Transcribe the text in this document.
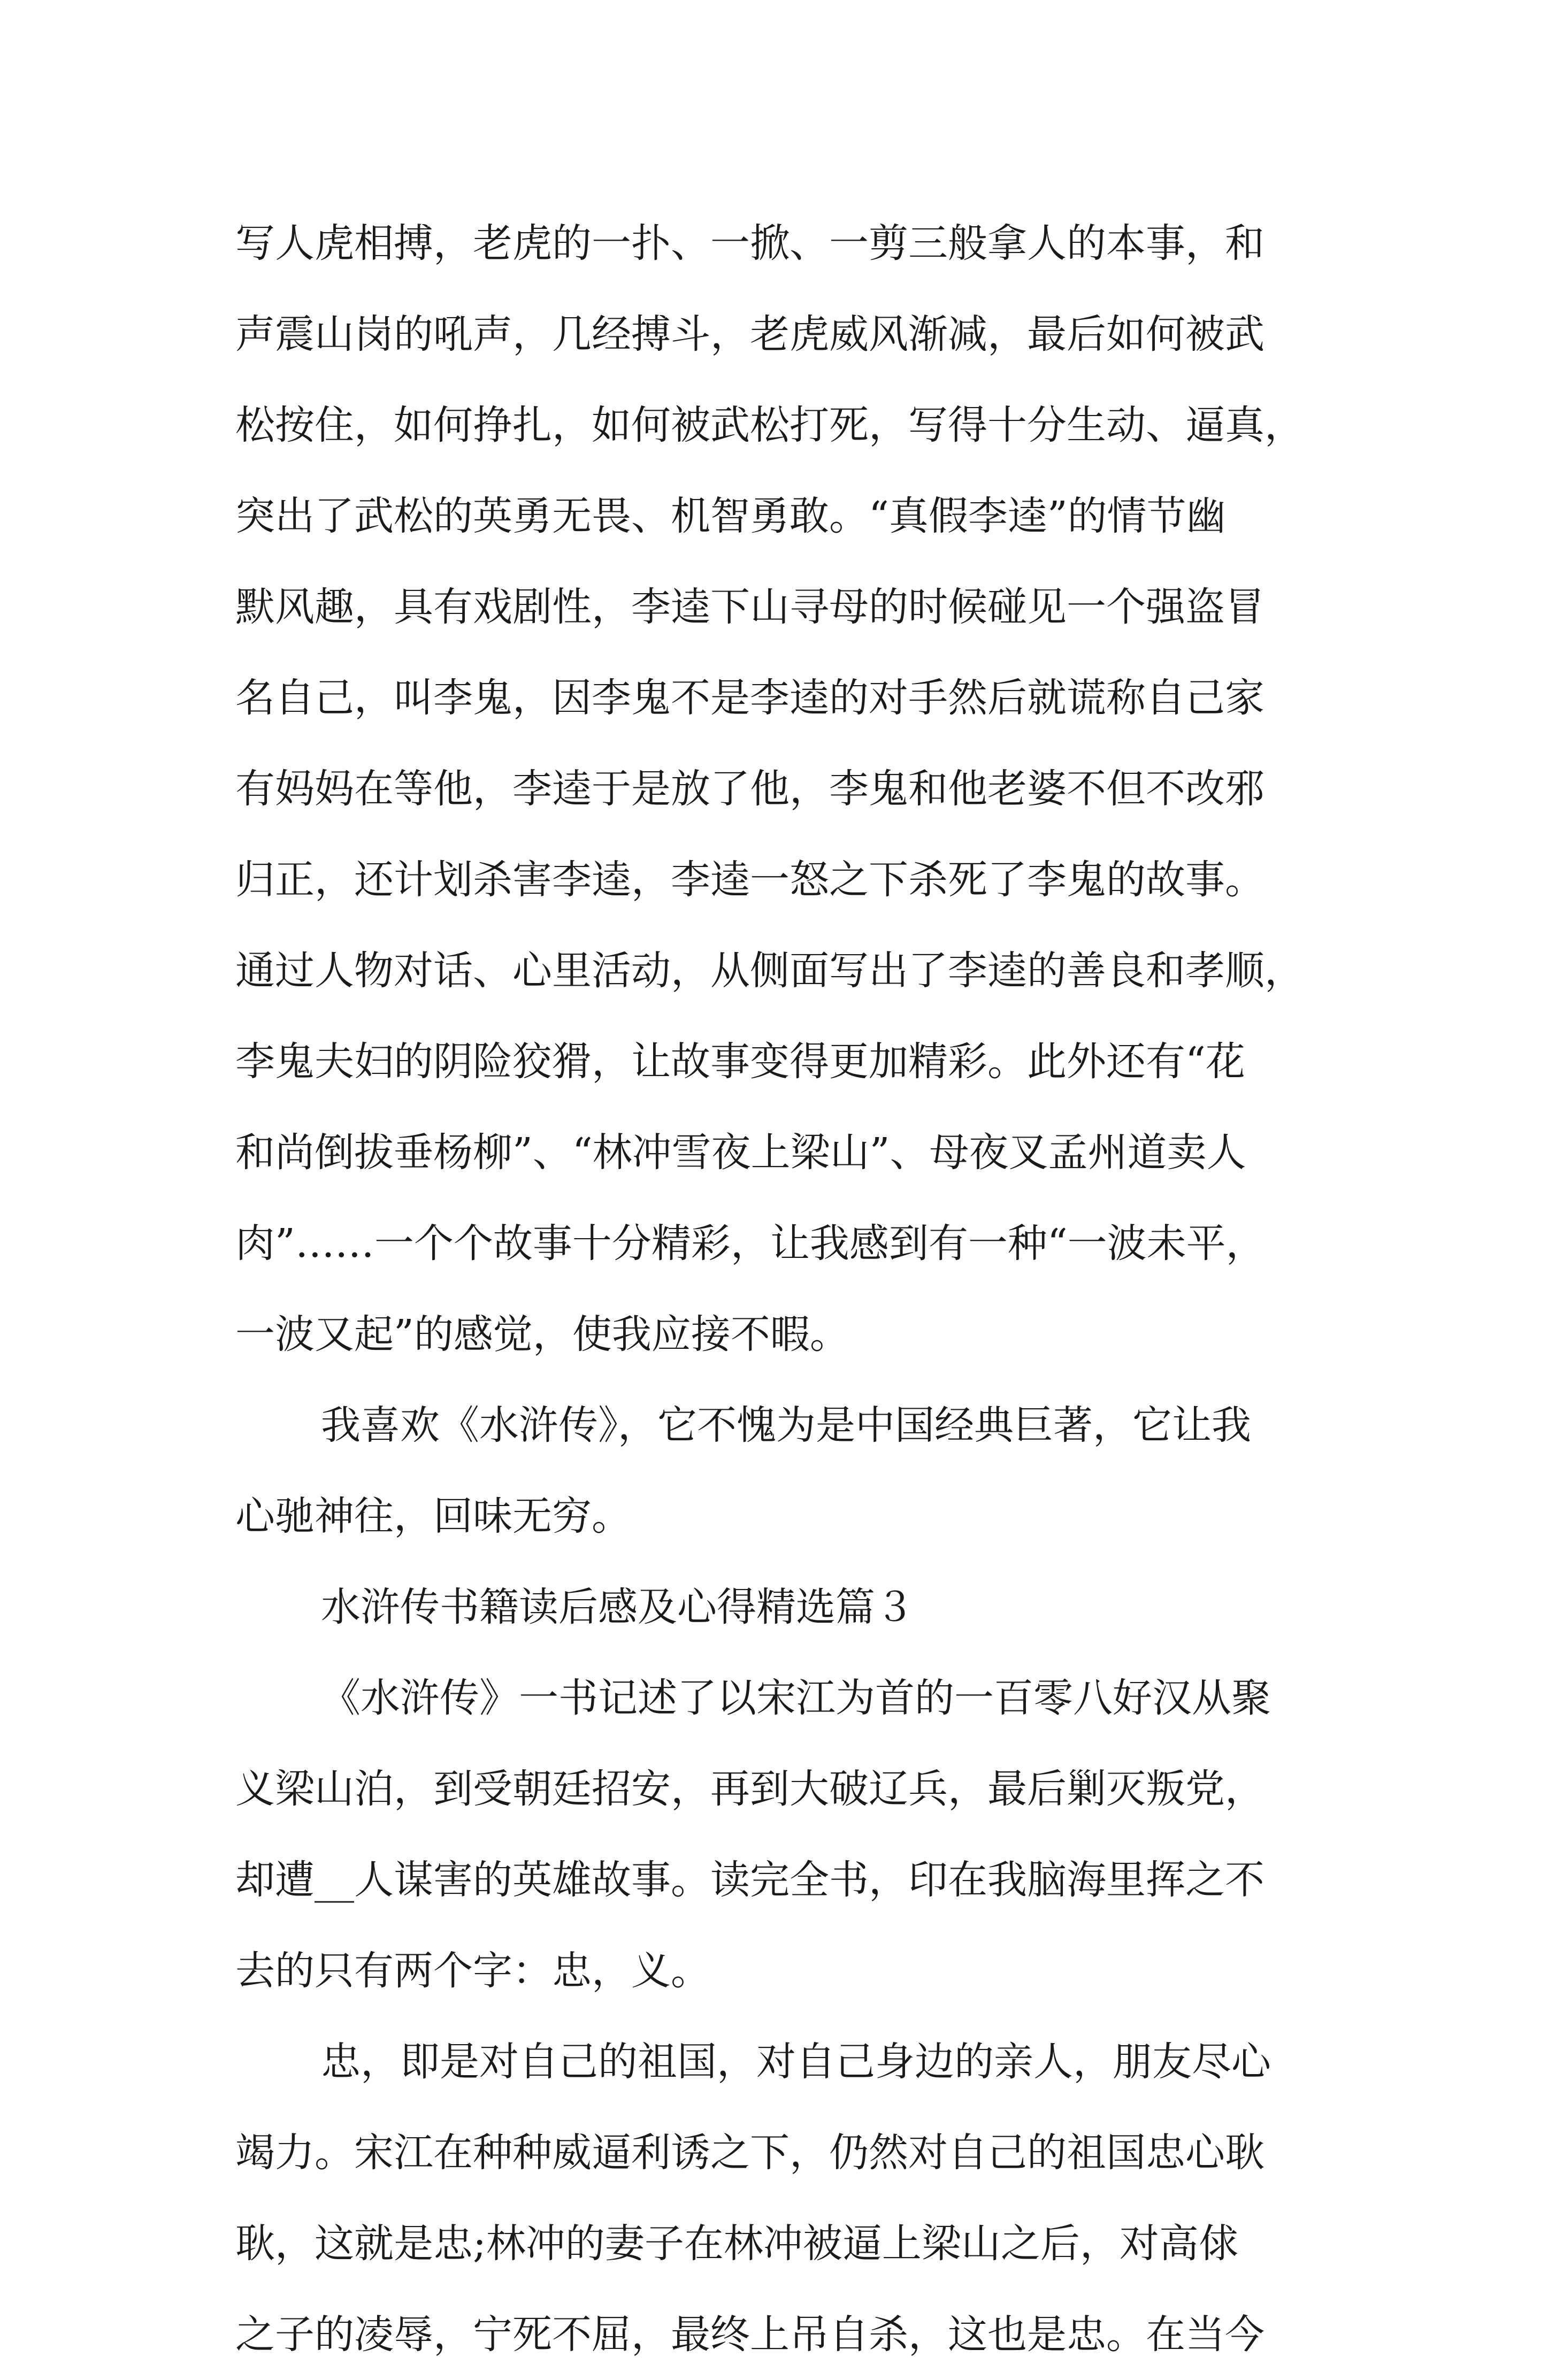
写人虎相搏，老虎的一扑、一掀、一剪三般拿人的本事，和
声震山岗的吼声，几经搏斗，老虎威风渐减，最后如何被武
松按住，如何挣扎，如何被武松打死，写得十分生动、逼真，
突出了武松的英勇无畏、机智勇敢。“真假李逵”的情节幽
默风趣，具有戏剧性，李逵下山寻母的时候碰见一个强盗冒
名自己，叫李鬼，因李鬼不是李逵的对手然后就谎称自己家
有妈妈在等他，李逵于是放了他，李鬼和他老婆不但不改邪
归正，还计划杀害李逵，李逵一怒之下杀死了李鬼的故事。
通过人物对话、心里活动，从侧面写出了李逵的善良和孝顺，
李鬼夫妇的阴险狡猾，让故事变得更加精彩。此外还有“花
和尚倒拔垂杨柳”、“林冲雪夜上梁山”、母夜叉孟州道卖人
肉”……一个个故事十分精彩，让我感到有一种“一波未平，
一波又起”的感觉，使我应接不暇。
我喜欢《水浒传》，它不愧为是中国经典巨著，它让我
心驰神往，回味无穷。
水浒传书籍读后感及心得精选篇３
《水浒传》一书记述了以宋江为首的一百零八好汉从聚
义梁山泊，到受朝廷招安，再到大破辽兵，最后剿灭叛党，
却遭__人谋害的英雄故事。读完全书，印在我脑海里挥之不
去的只有两个字：忠，义。
忠，即是对自己的祖国，对自己身边的亲人，朋友尽心
竭力。宋江在种种威逼利诱之下，仍然对自己的祖国忠心耿
耿，这就是忠;林冲的妻子在林冲被逼上梁山之后，对高俅
之子的凌辱，宁死不屈，最终上吊自杀，这也是忠。在当今
